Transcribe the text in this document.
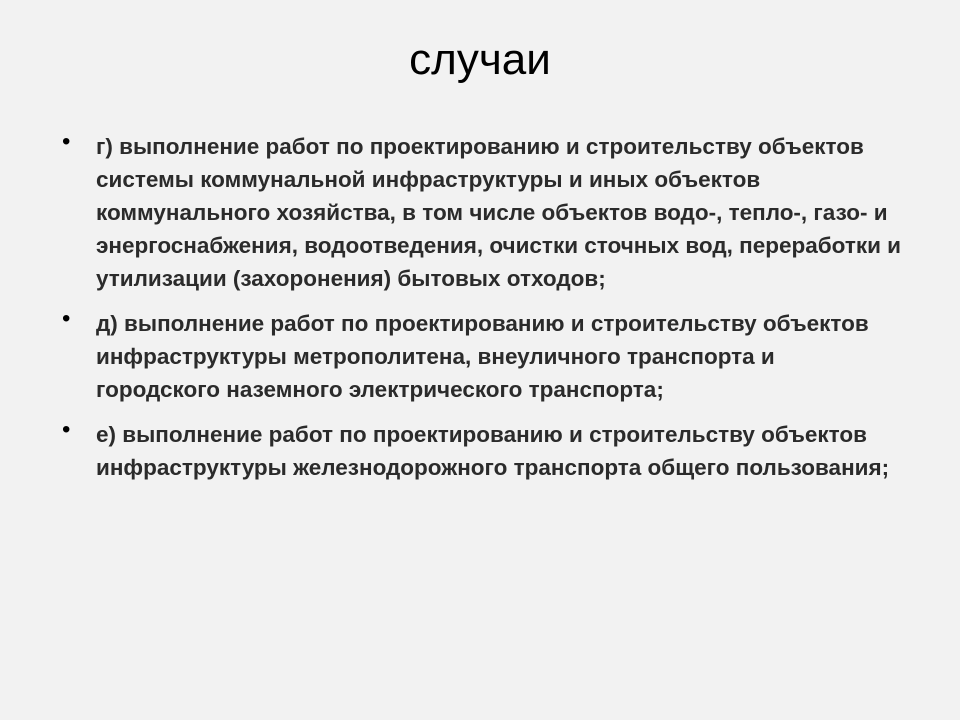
случаи
• г) выполнение работ по проектированию и строительству объектов системы коммунальной инфраструктуры и иных объектов коммунального хозяйства, в том числе объектов водо-, тепло-, газо- и энергоснабжения, водоотведения, очистки сточных вод, переработки и утилизации (захоронения) бытовых отходов;
• д) выполнение работ по проектированию и строительству объектов инфраструктуры метрополитена, внеуличного транспорта и городского наземного электрического транспорта;
• е) выполнение работ по проектированию и строительству объектов инфраструктуры железнодорожного транспорта общего пользования;
